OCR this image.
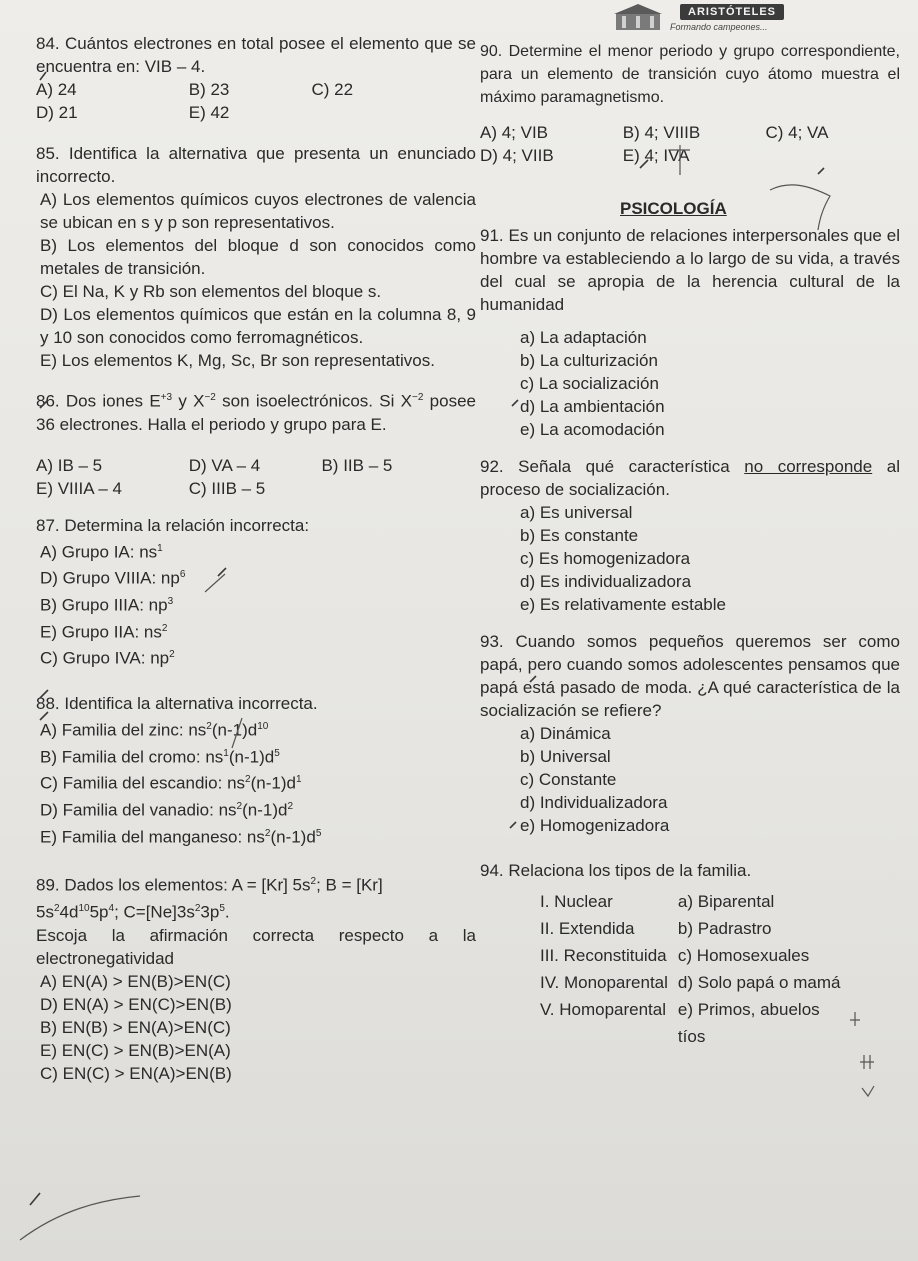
ARISTÓTELES
Formando campeones...
84. Cuántos electrones en total posee el elemento que se encuentra en: VIB – 4.
A) 24	B) 23	C) 22
D) 21	E) 42
85. Identifica la alternativa que presenta un enunciado incorrecto.
A) Los elementos químicos cuyos electrones de valencia se ubican en s y p son representativos.
B) Los elementos del bloque d son conocidos como metales de transición.
C) El Na, K y Rb son elementos del bloque s.
D) Los elementos químicos que están en la columna 8, 9 y 10 son conocidos como ferromagnéticos.
E) Los elementos K, Mg, Sc, Br son representativos.
86. Dos iones $E^{+3}$ y $X^{-2}$ son isoelectrónicos. Si $X^{-2}$ posee 36 electrones. Halla el periodo y grupo para E.
A) IB – 5	D) VA – 4	B) IIB – 5
E) VIIIA – 4	C) IIIB – 5
87. Determina la relación incorrecta:
A) Grupo IA: $ns^1$
D) Grupo VIIIA: $np^6$
B) Grupo IIIA: $np^3$
E) Grupo IIA: $ns^2$
C) Grupo IVA: $np^2$
88. Identifica la alternativa incorrecta.
A) Familia del zinc: $ns^2(n-1)d^{10}$
B) Familia del cromo: $ns^1(n-1)d^5$
C) Familia del escandio: $ns^2(n-1)d^1$
D) Familia del vanadio: $ns^2(n-1)d^2$
E) Familia del manganeso: $ns^2(n-1)d^5$
89. Dados los elementos: A = [Kr] $5s^2$; B = [Kr]
$5s^24d^{10}5p^4$; $C=[Ne]3s^23p^5$.
Escoja la afirmación correcta respecto a la electronegatividad
A) EN(A) > EN(B)>EN(C)
D) EN(A) > EN(C)>EN(B)
B) EN(B) > EN(A)>EN(C)
E) EN(C) > EN(B)>EN(A)
C) EN(C) > EN(A)>EN(B)
90. Determine el menor periodo y grupo correspondiente, para un elemento de transición cuyo átomo muestra el máximo paramagnetismo.
A) 4; VIB	B) 4; VIIIB	C) 4; VA
D) 4; VIIB	E) 4; IVA
PSICOLOGÍA
91. Es un conjunto de relaciones interpersonales que el hombre va estableciendo a lo largo de su vida, a través del cual se apropia de la herencia cultural de la humanidad
a) La adaptación
b) La culturización
c) La socialización
d) La ambientación
e) La acomodación
92. Señala qué característica no corresponde al proceso de socialización.
a) Es universal
b) Es constante
c) Es homogenizadora
d) Es individualizadora
e) Es relativamente estable
93. Cuando somos pequeños queremos ser como papá, pero cuando somos adolescentes pensamos que papá está pasado de moda. ¿A qué característica de la socialización se refiere?
a) Dinámica
b) Universal
c) Constante
d) Individualizadora
e) Homogenizadora
94. Relaciona los tipos de la familia.
I. Nuclear	a) Biparental
II. Extendida	b) Padrastro
III. Reconstituida	c) Homosexuales
IV. Monoparental	d) Solo papá o mamá
V. Homoparental	e) Primos, abuelos
	tíos
